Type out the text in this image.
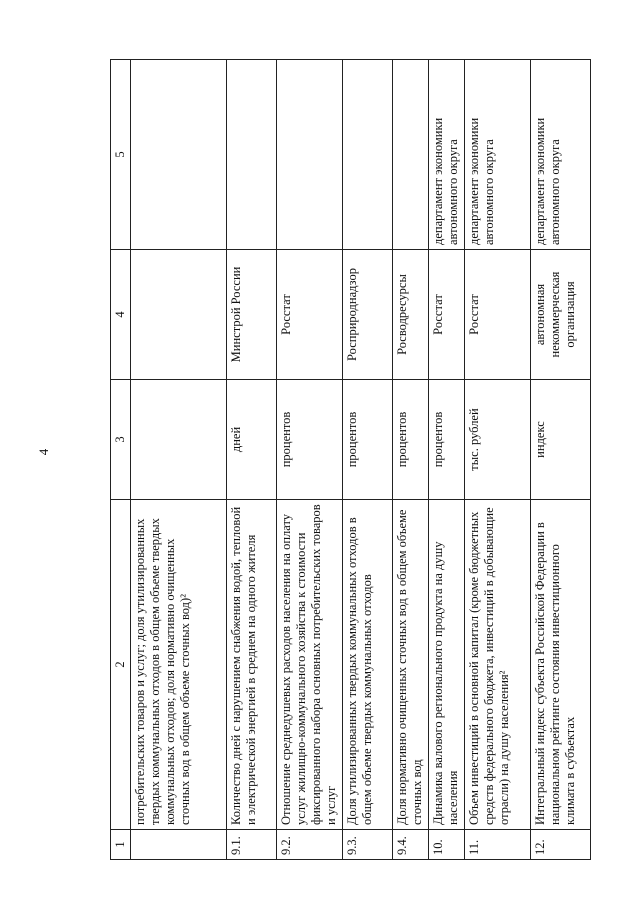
4
1	2	3	4	5
	потребительских товаров и услуг; доля утилизированных твердых коммунальных отходов в общем объеме твердых коммунальных отходов; доля нормативно очищенных сточных вод в общем объеме сточных вод)²			
9.1.	Количество дней с нарушением снабжения водой, тепловой и электрической энергией в среднем на одного жителя	дней	Минстрой России	
9.2.	Отношение среднедушевых расходов населения на оплату услуг жилищно-коммунального хозяйства к стоимости фиксированного набора основных потребительских товаров и услуг	процентов	Росстат	
9.3.	Доля утилизированных твердых коммунальных отходов в общем объеме твердых коммунальных отходов	процентов	Росприроднадзор	
9.4.	Доля нормативно очищенных сточных вод в общем объеме сточных вод	процентов	Росводресурсы	
10.	Динамика валового регионального продукта на душу населения	процентов	Росстат	департамент экономики автономного округа
11.	Объем инвестиций в основной капитал (кроме бюджетных средств федерального бюджета, инвестиций в добывающие отрасли) на душу населения²	тыс. рублей	Росстат	департамент экономики автономного округа
12.	Интегральный индекс субъекта Российской Федерации в национальном рейтинге состояния инвестиционного климата в субъектах	индекс	автономная некоммерческая организация	департамент экономики автономного округа
